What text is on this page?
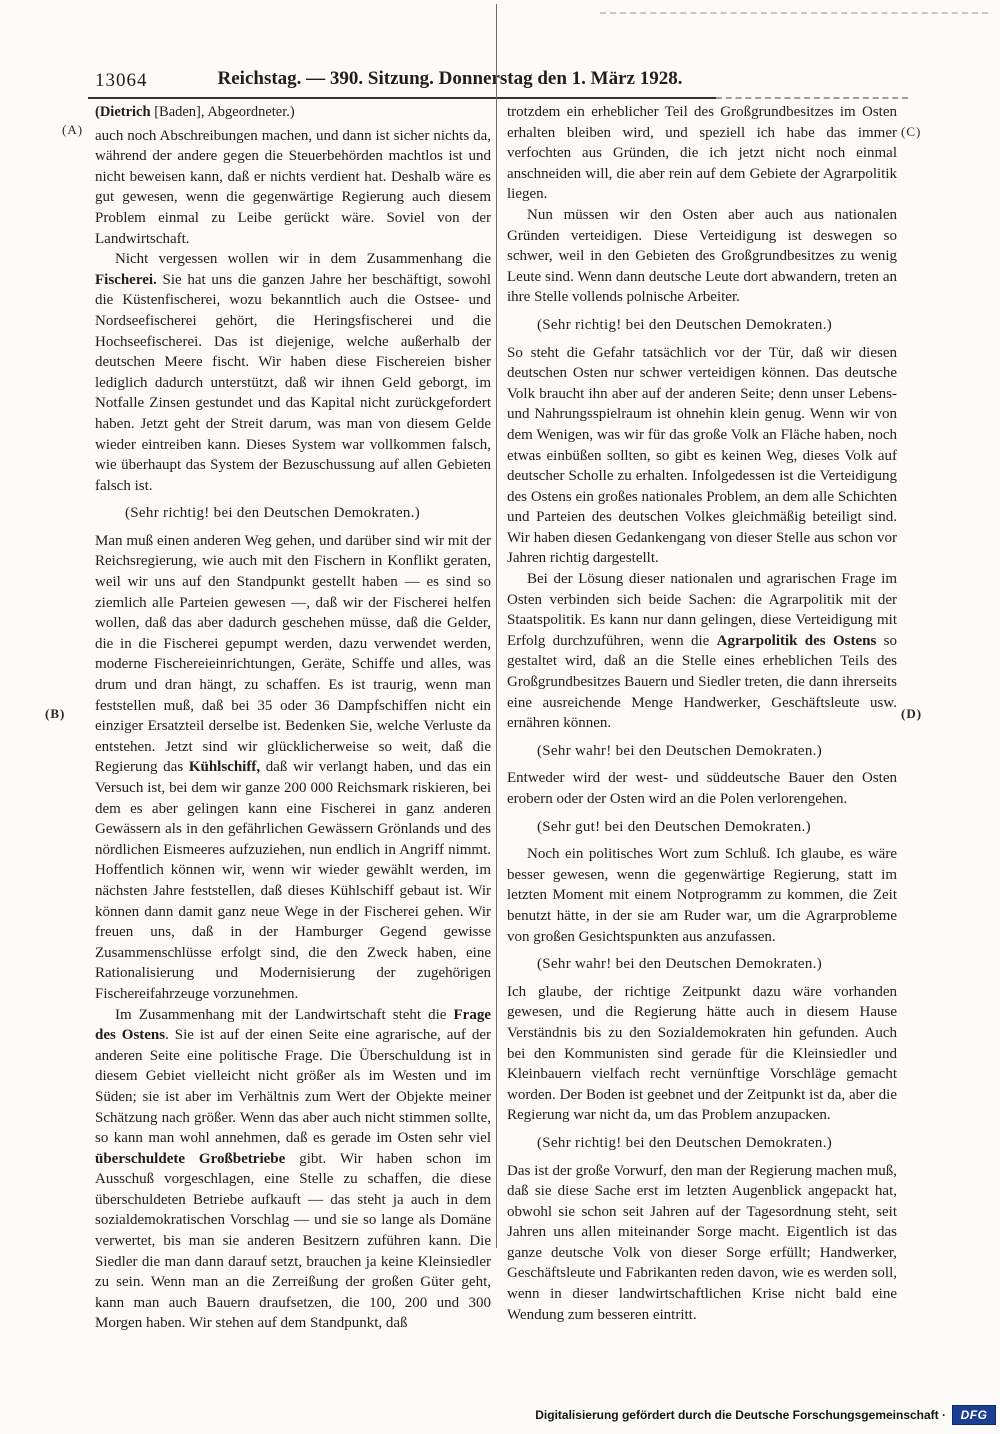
13064	Reichstag. — 390. Sitzung. Donnerstag den 1. März 1928.
(A)
(B)
(C)
(D)

(Dietrich [Baden], Abgeordneter.)

auch noch Abschreibungen machen, und dann ist sicher nichts da, während der andere gegen die Steuerbehörden machtlos ist und nicht beweisen kann, daß er nichts verdient hat. Deshalb wäre es gut gewesen, wenn die gegenwärtige Regierung auch diesem Problem einmal zu Leibe gerückt wäre. Soviel von der Landwirtschaft.

Nicht vergessen wollen wir in dem Zusammenhang die Fischerei. Sie hat uns die ganzen Jahre her beschäftigt, sowohl die Küstenfischerei, wozu bekanntlich auch die Ostsee- und Nordseefischerei gehört, die Heringsfischerei und die Hochseefischerei. Das ist diejenige, welche außerhalb der deutschen Meere fischt. Wir haben diese Fischereien bisher lediglich dadurch unterstützt, daß wir ihnen Geld geborgt, im Notfalle Zinsen gestundet und das Kapital nicht zurückgefordert haben. Jetzt geht der Streit darum, was man von diesem Gelde wieder eintreiben kann. Dieses System war vollkommen falsch, wie überhaupt das System der Bezuschussung auf allen Gebieten falsch ist.

(Sehr richtig! bei den Deutschen Demokraten.)

Man muß einen anderen Weg gehen, und darüber sind wir mit der Reichsregierung, wie auch mit den Fischern in Konflikt geraten, weil wir uns auf den Standpunkt gestellt haben — es sind so ziemlich alle Parteien gewesen —, daß wir der Fischerei helfen wollen, daß das aber dadurch geschehen müsse, daß die Gelder, die in die Fischerei gepumpt werden, dazu verwendet werden, moderne Fischereieinrichtungen, Geräte, Schiffe und alles, was drum und dran hängt, zu schaffen. Es ist traurig, wenn man feststellen muß, daß bei 35 oder 36 Dampfschiffen nicht ein einziger Ersatzteil derselbe ist. Bedenken Sie, welche Verluste da entstehen. Jetzt sind wir glücklicherweise so weit, daß die Regierung das Kühlschiff, daß wir verlangt haben, und das ein Versuch ist, bei dem wir ganze 200 000 Reichsmark riskieren, bei dem es aber gelingen kann eine Fischerei in ganz anderen Gewässern als in den gefährlichen Gewässern Grönlands und des nördlichen Eismeeres aufzuziehen, nun endlich in Angriff nimmt. Hoffentlich können wir, wenn wir wieder gewählt werden, im nächsten Jahre feststellen, daß dieses Kühlschiff gebaut ist. Wir können dann damit ganz neue Wege in der Fischerei gehen. Wir freuen uns, daß in der Hamburger Gegend gewisse Zusammenschlüsse erfolgt sind, die den Zweck haben, eine Rationalisierung und Modernisierung der zugehörigen Fischereifahrzeuge vorzunehmen.

Im Zusammenhang mit der Landwirtschaft steht die Frage des Ostens. Sie ist auf der einen Seite eine agrarische, auf der anderen Seite eine politische Frage. Die Überschuldung ist in diesem Gebiet vielleicht nicht größer als im Westen und im Süden; sie ist aber im Verhältnis zum Wert der Objekte meiner Schätzung nach größer. Wenn das aber auch nicht stimmen sollte, so kann man wohl annehmen, daß es gerade im Osten sehr viel überschuldete Großbetriebe gibt. Wir haben schon im Ausschuß vorgeschlagen, eine Stelle zu schaffen, die diese überschuldeten Betriebe aufkauft — das steht ja auch in dem sozialdemokratischen Vorschlag — und sie so lange als Domäne verwertet, bis man sie anderen Besitzern zuführen kann. Die Siedler die man dann darauf setzt, brauchen ja keine Kleinsiedler zu sein. Wenn man an die Zerreißung der großen Güter geht, kann man auch Bauern draufsetzen, die 100, 200 und 300 Morgen haben. Wir stehen auf dem Standpunkt, daß

trotzdem ein erheblicher Teil des Großgrundbesitzes im Osten erhalten bleiben wird, und speziell ich habe das immer verfochten aus Gründen, die ich jetzt nicht noch einmal anschneiden will, die aber rein auf dem Gebiete der Agrarpolitik liegen.

Nun müssen wir den Osten aber auch aus nationalen Gründen verteidigen. Diese Verteidigung ist deswegen so schwer, weil in den Gebieten des Großgrundbesitzes zu wenig Leute sind. Wenn dann deutsche Leute dort abwandern, treten an ihre Stelle vollends polnische Arbeiter.

(Sehr richtig! bei den Deutschen Demokraten.)

So steht die Gefahr tatsächlich vor der Tür, daß wir diesen deutschen Osten nur schwer verteidigen können. Das deutsche Volk braucht ihn aber auf der anderen Seite; denn unser Lebens- und Nahrungsspielraum ist ohnehin klein genug. Wenn wir von dem Wenigen, was wir für das große Volk an Fläche haben, noch etwas einbüßen sollten, so gibt es keinen Weg, dieses Volk auf deutscher Scholle zu erhalten. Infolgedessen ist die Verteidigung des Ostens ein großes nationales Problem, an dem alle Schichten und Parteien des deutschen Volkes gleichmäßig beteiligt sind. Wir haben diesen Gedankengang von dieser Stelle aus schon vor Jahren richtig dargestellt.

Bei der Lösung dieser nationalen und agrarischen Frage im Osten verbinden sich beide Sachen: die Agrarpolitik mit der Staatspolitik. Es kann nur dann gelingen, diese Verteidigung mit Erfolg durchzuführen, wenn die Agrarpolitik des Ostens so gestaltet wird, daß an die Stelle eines erheblichen Teils des Großgrundbesitzes Bauern und Siedler treten, die dann ihrerseits eine ausreichende Menge Handwerker, Geschäftsleute usw. ernähren können.

(Sehr wahr! bei den Deutschen Demokraten.)

Entweder wird der west- und süddeutsche Bauer den Osten erobern oder der Osten wird an die Polen verlorengehen.

(Sehr gut! bei den Deutschen Demokraten.)

Noch ein politisches Wort zum Schluß. Ich glaube, es wäre besser gewesen, wenn die gegenwärtige Regierung, statt im letzten Moment mit einem Notprogramm zu kommen, die Zeit benutzt hätte, in der sie am Ruder war, um die Agrarprobleme von großen Gesichtspunkten aus anzufassen.

(Sehr wahr! bei den Deutschen Demokraten.)

Ich glaube, der richtige Zeitpunkt dazu wäre vorhanden gewesen, und die Regierung hätte auch in diesem Hause Verständnis bis zu den Sozialdemokraten hin gefunden. Auch bei den Kommunisten sind gerade für die Kleinsiedler und Kleinbauern vielfach recht vernünftige Vorschläge gemacht worden. Der Boden ist geebnet und der Zeitpunkt ist da, aber die Regierung war nicht da, um das Problem anzupacken.

(Sehr richtig! bei den Deutschen Demokraten.)

Das ist der große Vorwurf, den man der Regierung machen muß, daß sie diese Sache erst im letzten Augenblick angepackt hat, obwohl sie schon seit Jahren auf der Tagesordnung steht, seit Jahren uns allen miteinander Sorge macht. Eigentlich ist das ganze deutsche Volk von dieser Sorge erfüllt; Handwerker, Geschäftsleute und Fabrikanten reden davon, wie es werden soll, wenn in dieser landwirtschaftlichen Krise nicht bald eine Wendung zum besseren eintritt.

Digitalisierung gefördert durch die Deutsche Forschungsgemeinschaft ·	DFG
